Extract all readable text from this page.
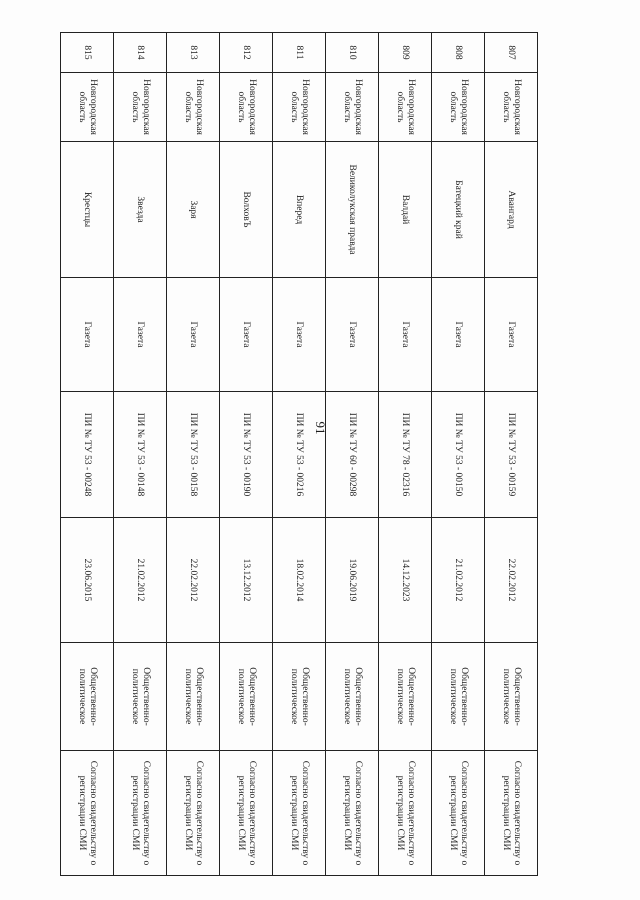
91
807	Новгородская область	Авангард	Газета	ПИ № ТУ 53 - 00159	22.02.2012	Общественно-политическое	Согласно свидетельству о регистрации СМИ
808	Новгородская область	Батецкий край	Газета	ПИ № ТУ 53 - 00150	21.02.2012	Общественно-политическое	Согласно свидетельству о регистрации СМИ
809	Новгородская область	Валдай	Газета	ПИ № ТУ 78 - 02316	14.12.2023	Общественно-политическое	Согласно свидетельству о регистрации СМИ
810	Новгородская область	Великолукская правда	Газета	ПИ № ТУ 60 - 00298	19.06.2019	Общественно-политическое	Согласно свидетельству о регистрации СМИ
811	Новгородская область	Вперед	Газета	ПИ № ТУ 53 - 00216	18.02.2014	Общественно-политическое	Согласно свидетельству о регистрации СМИ
812	Новгородская область	ВолховЪ	Газета	ПИ № ТУ 53 - 00190	13.12.2012	Общественно-политическое	Согласно свидетельству о регистрации СМИ
813	Новгородская область	Заря	Газета	ПИ № ТУ 53 - 00158	22.02.2012	Общественно-политическое	Согласно свидетельству о регистрации СМИ
814	Новгородская область	Звезда	Газета	ПИ № ТУ 53 - 00148	21.02.2012	Общественно-политическое	Согласно свидетельству о регистрации СМИ
815	Новгородская область	Крестцы	Газета	ПИ № ТУ 53 - 00248	23.06.2015	Общественно-политическое	Согласно свидетельству о регистрации СМИ
